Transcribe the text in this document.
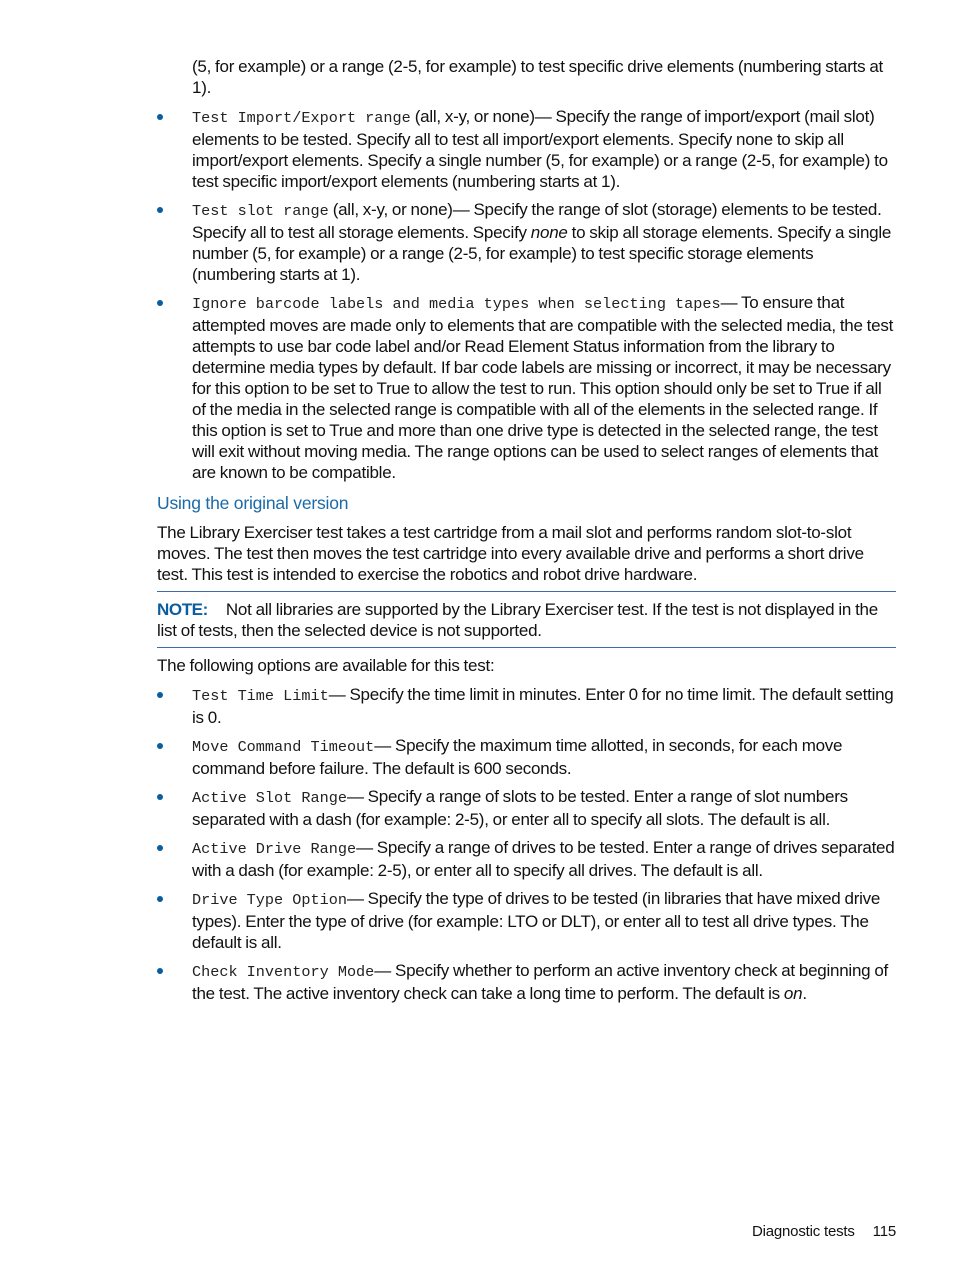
(5, for example) or a range (2-5, for example) to test specific drive elements (numbering starts at 1).

Test Import/Export range (all, x-y, or none)— Specify the range of import/export (mail slot) elements to be tested. Specify all to test all import/export elements. Specify none to skip all import/export elements. Specify a single number (5, for example) or a range (2-5, for example) to test specific import/export elements (numbering starts at 1).
Test slot range (all, x-y, or none)— Specify the range of slot (storage) elements to be tested. Specify all to test all storage elements. Specify none to skip all storage elements. Specify a single number (5, for example) or a range (2-5, for example) to test specific storage elements (numbering starts at 1).
Ignore barcode labels and media types when selecting tapes— To ensure that attempted moves are made only to elements that are compatible with the selected media, the test attempts to use bar code label and/or Read Element Status information from the library to determine media types by default. If bar code labels are missing or incorrect, it may be necessary for this option to be set to True to allow the test to run. This option should only be set to True if all of the media in the selected range is compatible with all of the elements in the selected range. If this option is set to True and more than one drive type is detected in the selected range, the test will exit without moving media. The range options can be used to select ranges of elements that are known to be compatible.
Using the original version

The Library Exerciser test takes a test cartridge from a mail slot and performs random slot-to-slot moves. The test then moves the test cartridge into every available drive and performs a short drive test. This test is intended to exercise the robotics and robot drive hardware.

NOTE: Not all libraries are supported by the Library Exerciser test. If the test is not displayed in the list of tests, then the selected device is not supported.

The following options are available for this test:

Test Time Limit— Specify the time limit in minutes. Enter 0 for no time limit. The default setting is 0.
Move Command Timeout— Specify the maximum time allotted, in seconds, for each move command before failure. The default is 600 seconds.
Active Slot Range— Specify a range of slots to be tested. Enter a range of slot numbers separated with a dash (for example: 2-5), or enter all to specify all slots. The default is all.
Active Drive Range— Specify a range of drives to be tested. Enter a range of drives separated with a dash (for example: 2-5), or enter all to specify all drives. The default is all.
Drive Type Option— Specify the type of drives to be tested (in libraries that have mixed drive types). Enter the type of drive (for example: LTO or DLT), or enter all to test all drive types. The default is all.
Check Inventory Mode— Specify whether to perform an active inventory check at beginning of the test. The active inventory check can take a long time to perform. The default is on.
Diagnostic tests 115
